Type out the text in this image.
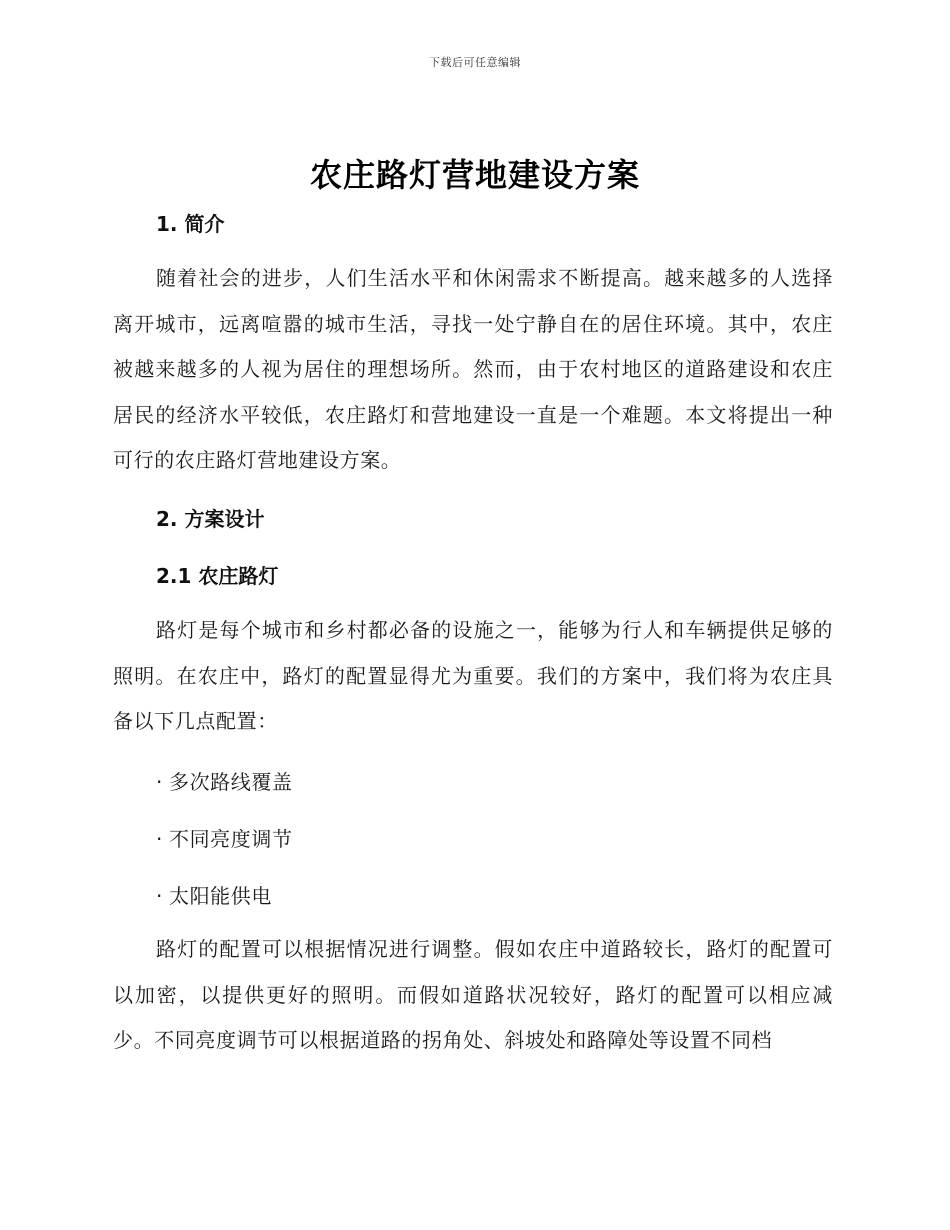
下载后可任意编辑
农庄路灯营地建设方案
1. 简介
随着社会的进步，人们生活水平和休闲需求不断提高。越来越多的人选择离开城市，远离喧嚣的城市生活，寻找一处宁静自在的居住环境。其中，农庄被越来越多的人视为居住的理想场所。然而，由于农村地区的道路建设和农庄居民的经济水平较低，农庄路灯和营地建设一直是一个难题。本文将提出一种可行的农庄路灯营地建设方案。
2. 方案设计
2.1 农庄路灯
路灯是每个城市和乡村都必备的设施之一，能够为行人和车辆提供足够的照明。在农庄中，路灯的配置显得尤为重要。我们的方案中，我们将为农庄具备以下几点配置：
· 多次路线覆盖
· 不同亮度调节
· 太阳能供电
路灯的配置可以根据情况进行调整。假如农庄中道路较长，路灯的配置可以加密，以提供更好的照明。而假如道路状况较好，路灯的配置可以相应减少。不同亮度调节可以根据道路的拐角处、斜坡处和路障处等设置不同档
